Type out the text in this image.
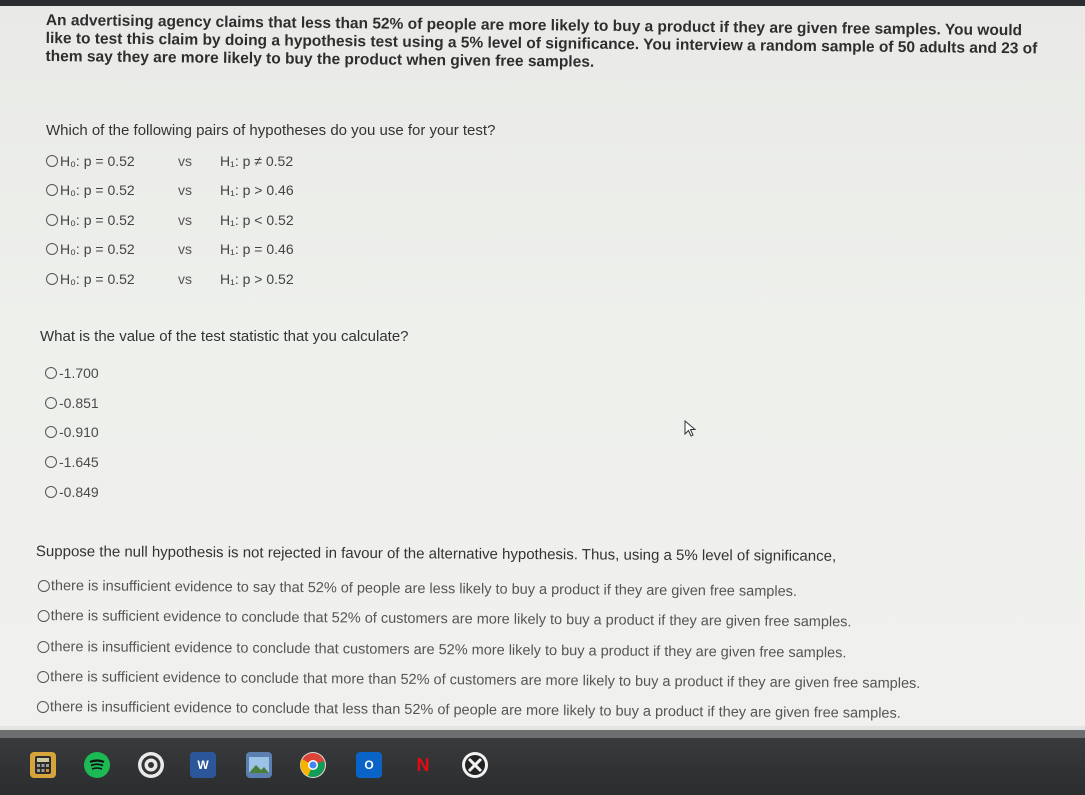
An advertising agency claims that less than 52% of people are more likely to buy a product if they are given free samples. You would like to test this claim by doing a hypothesis test using a 5% level of significance. You interview a random sample of 50 adults and 23 of them say they are more likely to buy the product when given free samples.
Which of the following pairs of hypotheses do you use for your test?
H₀: p = 0.52	vs	H₁: p ≠ 0.52
H₀: p = 0.52	vs	H₁: p > 0.46
H₀: p = 0.52	vs	H₁: p < 0.52
H₀: p = 0.52	vs	H₁: p = 0.46
H₀: p = 0.52	vs	H₁: p > 0.52
What is the value of the test statistic that you calculate?
-1.700
-0.851
-0.910
-1.645
-0.849
Suppose the null hypothesis is not rejected in favour of the alternative hypothesis. Thus, using a 5% level of significance,
there is insufficient evidence to say that 52% of people are less likely to buy a product if they are given free samples.
there is sufficient evidence to conclude that 52% of customers are more likely to buy a product if they are given free samples.
there is insufficient evidence to conclude that customers are 52% more likely to buy a product if they are given free samples.
there is sufficient evidence to conclude that more than 52% of customers are more likely to buy a product if they are given free samples.
there is insufficient evidence to conclude that less than 52% of people are more likely to buy a product if they are given free samples.
W	O	N
